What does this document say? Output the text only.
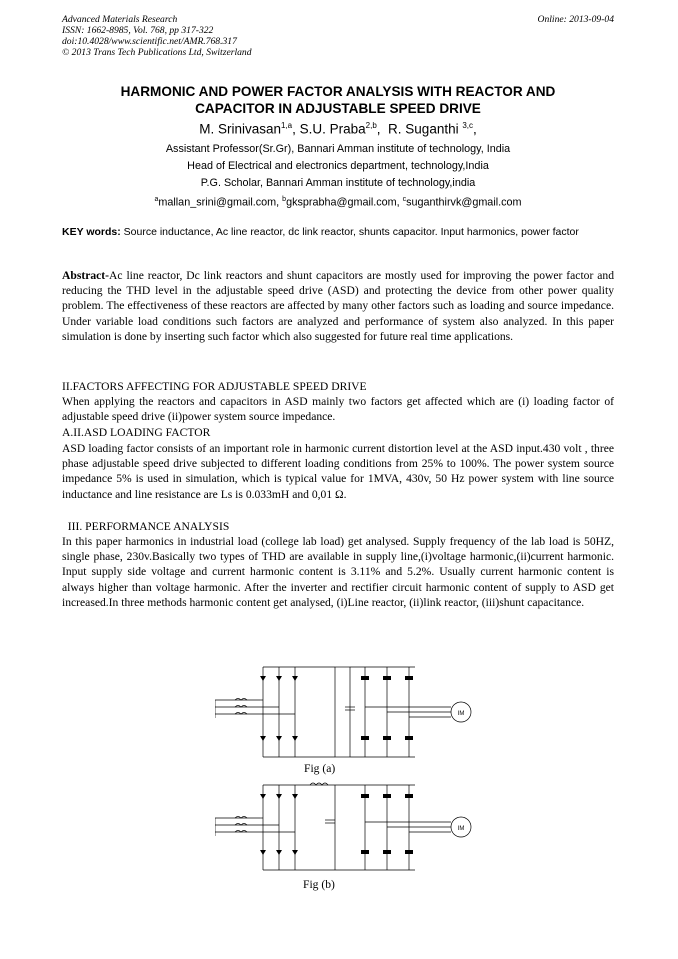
Advanced Materials Research
ISSN: 1662-8985, Vol. 768, pp 317-322
doi:10.4028/www.scientific.net/AMR.768.317
© 2013 Trans Tech Publications Ltd, Switzerland
Online: 2013-09-04
HARMONIC AND POWER FACTOR ANALYSIS WITH REACTOR AND
CAPACITOR IN ADJUSTABLE SPEED DRIVE
M. Srinivasan$^{1,a}$, S.U. Praba$^{2,b}$,  R. Suganthi $^{3,c}$,
Assistant Professor(Sr.Gr), Bannari Amman institute of technology, India
Head of Electrical and electronics department, technology,India
P.G. Scholar, Bannari Amman institute of technology,india
$^a$mallan_srini@gmail.com, $^b$gksprabha@gmail.com, $^c$suganthirvk@gmail.com
KEY words: Source inductance, Ac line reactor, dc link reactor, shunts capacitor. Input harmonics, power factor
Abstract-Ac line reactor, Dc link reactors and shunt capacitors are mostly used for improving the power factor and reducing the THD level in the adjustable speed drive (ASD) and protecting the device from other power quality problem. The effectiveness of these reactors are affected by many other factors such as loading and source impedance. Under variable load conditions such factors are analyzed and performance of system also analyzed. In this paper simulation is done by inserting such factor which also suggested for future real time applications.
II.FACTORS AFFECTING FOR ADJUSTABLE SPEED DRIVE
When applying the reactors and capacitors in ASD mainly two factors get affected which are (i) loading factor of adjustable speed drive (ii)power system source impedance.
A.II.ASD LOADING FACTOR
ASD loading factor consists of an important role in harmonic current distortion level at the ASD input.430 volt , three phase adjustable speed drive subjected to different loading conditions from 25% to 100%. The power system source impedance 5% is used in simulation, which is typical value for 1MVA, 430v, 50 Hz power system with line source inductance and line resistance are Ls is 0.033mH and 0,01 Ω.
III. PERFORMANCE ANALYSIS
In this paper harmonics in industrial load (college lab load) get analysed. Supply frequency of the lab load is 50HZ, single phase, 230v.Basically two types of THD are available in supply line,(i)voltage harmonic,(ii)current harmonic. Input supply side voltage and current harmonic content is 3.11% and 5.2%. Usually current harmonic content is always higher than voltage harmonic. After the inverter and rectifier circuit harmonic content of supply to ASD get increased.In three methods harmonic content get analysed, (i)Line reactor, (ii)link reactor, (iii)shunt capacitance.
IM
Fig (a)
IM
Fig (b)
